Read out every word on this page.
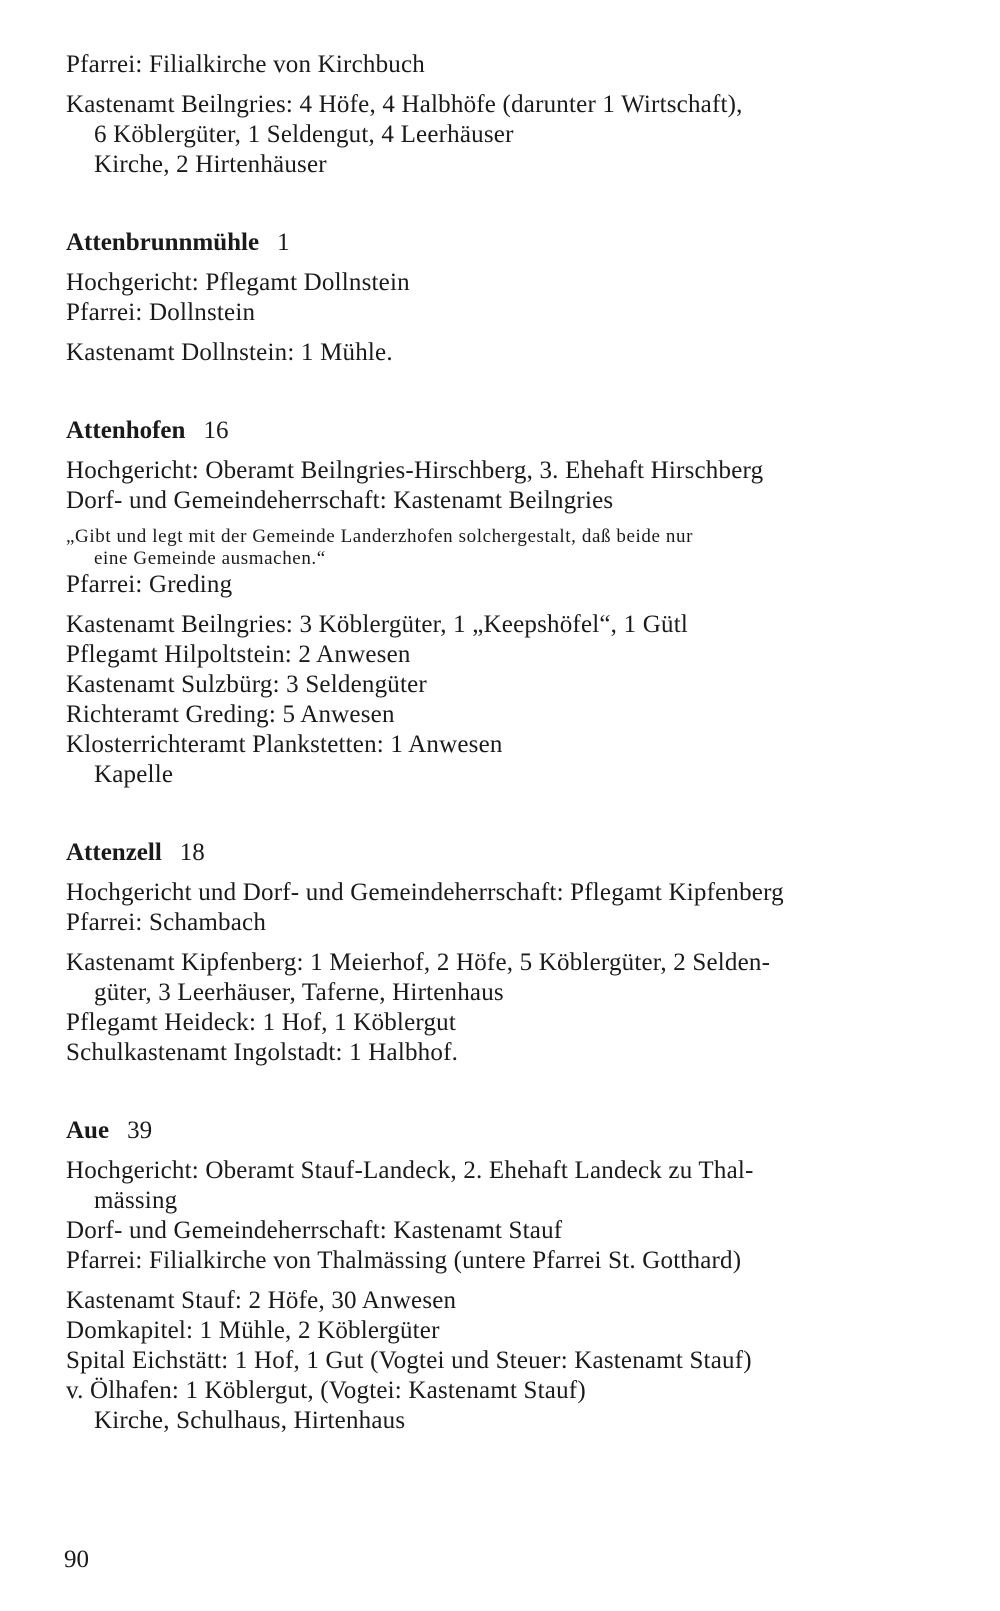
Pfarrei: Filialkirche von Kirchbuch
Kastenamt Beilngries: 4 Höfe, 4 Halbhöfe (darunter 1 Wirtschaft),
6 Köblergüter, 1 Seldengut, 4 Leerhäuser
Kirche, 2 Hirtenhäuser
Attenbrunnmühle 1
Hochgericht: Pflegamt Dollnstein
Pfarrei: Dollnstein
Kastenamt Dollnstein: 1 Mühle.
Attenhofen 16
Hochgericht: Oberamt Beilngries-Hirschberg, 3. Ehehaft Hirschberg
Dorf- und Gemeindeherrschaft: Kastenamt Beilngries
„Gibt und legt mit der Gemeinde Landerzhofen solchergestalt, daß beide nur
eine Gemeinde ausmachen.“
Pfarrei: Greding
Kastenamt Beilngries: 3 Köblergüter, 1 „Keepshöfel“, 1 Gütl
Pflegamt Hilpoltstein: 2 Anwesen
Kastenamt Sulzbürg: 3 Seldengüter
Richteramt Greding: 5 Anwesen
Klosterrichteramt Plankstetten: 1 Anwesen
Kapelle
Attenzell 18
Hochgericht und Dorf- und Gemeindeherrschaft: Pflegamt Kipfenberg
Pfarrei: Schambach
Kastenamt Kipfenberg: 1 Meierhof, 2 Höfe, 5 Köblergüter, 2 Selden-
güter, 3 Leerhäuser, Taferne, Hirtenhaus
Pflegamt Heideck: 1 Hof, 1 Köblergut
Schulkastenamt Ingolstadt: 1 Halbhof.
Aue 39
Hochgericht: Oberamt Stauf-Landeck, 2. Ehehaft Landeck zu Thal-
mässing
Dorf- und Gemeindeherrschaft: Kastenamt Stauf
Pfarrei: Filialkirche von Thalmässing (untere Pfarrei St. Gotthard)
Kastenamt Stauf: 2 Höfe, 30 Anwesen
Domkapitel: 1 Mühle, 2 Köblergüter
Spital Eichstätt: 1 Hof, 1 Gut (Vogtei und Steuer: Kastenamt Stauf)
v. Ölhafen: 1 Köblergut, (Vogtei: Kastenamt Stauf)
Kirche, Schulhaus, Hirtenhaus
90
